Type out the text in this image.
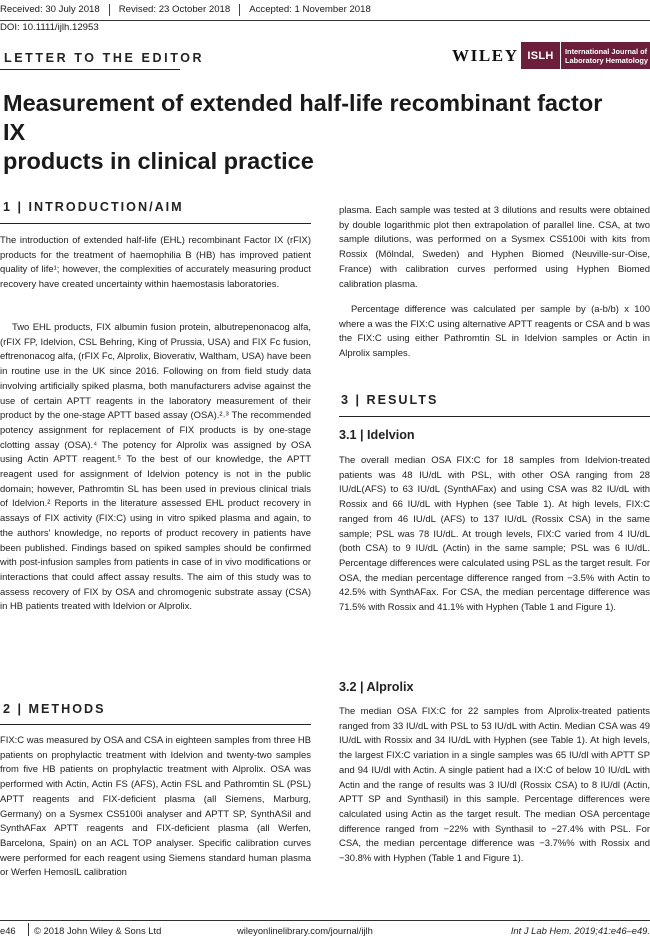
Received: 30 July 2018	Revised: 23 October 2018	Accepted: 1 November 2018
DOI: 10.1111/ijlh.12953
LETTER TO THE EDITOR	WILEY ISLH International Journal of
Laboratory Hematology
Measurement of extended half-life recombinant factor IX
products in clinical practice
1 | INTRODUCTION/AIM

The introduction of extended half-life (EHL) recombinant Factor IX (rFIX) products for the treatment of haemophilia B (HB) has improved patient quality of life¹; however, the complexities of accurately measuring product recovery have created uncertainty within haemostasis laboratories.

Two EHL products, FIX albumin fusion protein, albutrepenonacog alfa, (rFIX FP, Idelvion, CSL Behring, King of Prussia, USA) and FIX Fc fusion, eftrenonacog alfa, (rFIX Fc, Alprolix, Bioverativ, Waltham, USA) have been in routine use in the UK since 2016. Following on from field study data involving artificially spiked plasma, both manufacturers advise against the use of certain APTT reagents in the laboratory measurement of their product by the one-stage APTT based assay (OSA).²˒³ The recommended potency assignment for replacement of FIX products is by one-stage clotting assay (OSA).⁴ The potency for Alprolix was assigned by OSA using Actin APTT reagent.⁵ To the best of our knowledge, the APTT reagent used for assignment of Idelvion potency is not in the public domain; however, Pathromtin SL has been used in previous clinical trials of Idelvion.² Reports in the literature assessed EHL product recovery in assays of FIX activity (FIX:C) using in vitro spiked plasma and again, to the authors' knowledge, no reports of product recovery in patients have been published. Findings based on spiked samples should be confirmed with post-infusion samples from patients in case of in vivo modifications or interactions that could affect assay results. The aim of this study was to assess recovery of FIX by OSA and chromogenic substrate assay (CSA) in HB patients treated with Idelvion or Alprolix.

2 | METHODS

FIX:C was measured by OSA and CSA in eighteen samples from three HB patients on prophylactic treatment with Idelvion and twenty-two samples from five HB patients on prophylactic treatment with Alprolix. OSA was performed with Actin, Actin FS (AFS), Actin FSL and Pathromtin SL (PSL) APTT reagents and FIX-deficient plasma (all Siemens, Marburg, Germany) on a Sysmex CS5100i analyser and APTT SP, SynthASil and SynthAFax APTT reagents and FIX-deficient plasma (all Werfen, Barcelona, Spain) on an ACL TOP analyser. Specific calibration curves were performed for each reagent using Siemens standard human plasma or Werfen HemosIL calibration

plasma. Each sample was tested at 3 dilutions and results were obtained by double logarithmic plot then extrapolation of parallel line. CSA, at two sample dilutions, was performed on a Sysmex CS5100i with kits from Rossix (Mölndal, Sweden) and Hyphen Biomed (Neuville-sur-Oise, France) with calibration curves performed using Hyphen Biomed calibration plasma.

Percentage difference was calculated per sample by (a-b/b) x 100 where a was the FIX:C using alternative APTT reagents or CSA and b was the FIX:C using either Pathromtin SL in Idelvion samples or Actin in Alprolix samples.

3 | RESULTS
3.1 | Idelvion

The overall median OSA FIX:C for 18 samples from Idelvion-treated patients was 48 IU/dL with PSL, with other OSA ranging from 28 IU/dL(AFS) to 63 IU/dL (SynthAFax) and using CSA was 82 IU/dL with Rossix and 66 IU/dL with Hyphen (see Table 1). At high levels, FIX:C ranged from 46 IU/dL (AFS) to 137 IU/dL (Rossix CSA) in the same sample; PSL was 78 IU/dL. At trough levels, FIX:C varied from 4 IU/dL (both CSA) to 9 IU/dL (Actin) in the same sample; PSL was 6 IU/dL. Percentage differences were calculated using PSL as the target result. For OSA, the median percentage difference ranged from −3.5% with Actin to 42.5% with SynthAFax. For CSA, the median percentage difference was 71.5% with Rossix and 41.1% with Hyphen (Table 1 and Figure 1).

3.2 | Alprolix

The median OSA FIX:C for 22 samples from Alprolix-treated patients ranged from 33 IU/dL with PSL to 53 IU/dL with Actin. Median CSA was 49 IU/dL with Rossix and 34 IU/dL with Hyphen (see Table 1). At high levels, the largest FIX:C variation in a single samples was 65 IU/dl with APTT SP and 94 IU/dl with Actin. A single patient had a IX:C of below 10 IU/dL with Actin and the range of results was 3 IU/dl (Rossix CSA) to 8 IU/dl (Actin, APTT SP and Synthasil) in this sample. Percentage differences were calculated using Actin as the target result. The median OSA percentage difference ranged from −22% with Synthasil to −27.4% with PSL. For CSA, the median percentage difference was −3.7%% with Rossix and −30.8% with Hyphen (Table 1 and Figure 1).

e46 © 2018 John Wiley & Sons Ltd	wileyonlinelibrary.com/journal/ijlh	Int J Lab Hem. 2019;41:e46–e49.
